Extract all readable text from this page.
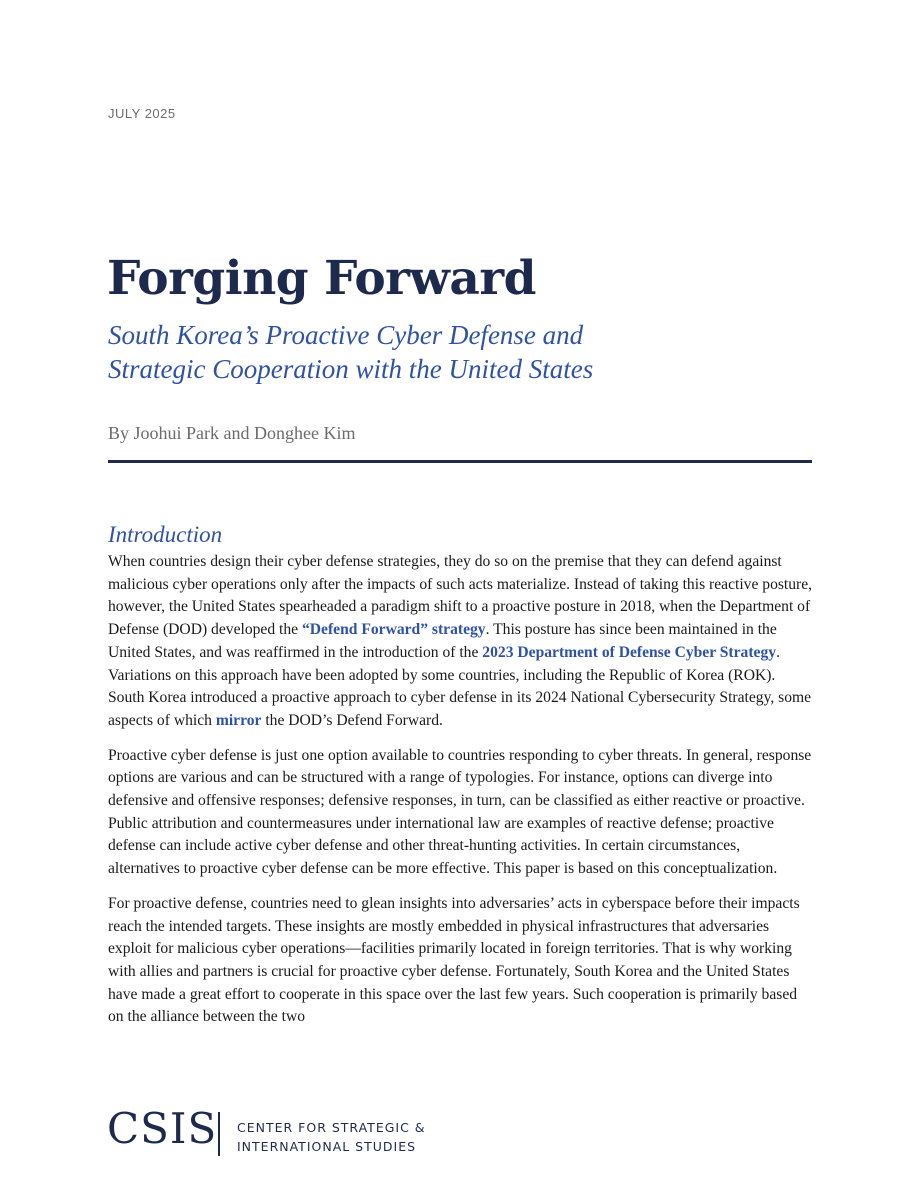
JULY 2025
Forging Forward
South Korea’s Proactive Cyber Defense and
Strategic Cooperation with the United States
By Joohui Park and Donghee Kim
Introduction

When countries design their cyber defense strategies, they do so on the premise that they can defend against malicious cyber operations only after the impacts of such acts materialize. Instead of taking this reactive posture, however, the United States spearheaded a paradigm shift to a proactive posture in 2018, when the Department of Defense (DOD) developed the “Defend Forward” strategy. This posture has since been maintained in the United States, and was reaffirmed in the introduction of the 2023 Department of Defense Cyber Strategy. Variations on this approach have been adopted by some countries, including the Republic of Korea (ROK). South Korea introduced a proactive approach to cyber defense in its 2024 National Cybersecurity Strategy, some aspects of which mirror the DOD’s Defend Forward.

Proactive cyber defense is just one option available to countries responding to cyber threats. In general, response options are various and can be structured with a range of typologies. For instance, options can diverge into defensive and offensive responses; defensive responses, in turn, can be classified as either reactive or proactive. Public attribution and countermeasures under international law are examples of reactive defense; proactive defense can include active cyber defense and other threat-hunting activities. In certain circumstances, alternatives to proactive cyber defense can be more effective. This paper is based on this conceptualization.

For proactive defense, countries need to glean insights into adversaries’ acts in cyberspace before their impacts reach the intended targets. These insights are mostly embedded in physical infrastructures that adversaries exploit for malicious cyber operations—facilities primarily located in foreign territories. That is why working with allies and partners is crucial for proactive cyber defense. Fortunately, South Korea and the United States have made a great effort to cooperate in this space over the last few years. Such cooperation is primarily based on the alliance between the two

CSIS CENTER FOR STRATEGIC &
INTERNATIONAL STUDIES
